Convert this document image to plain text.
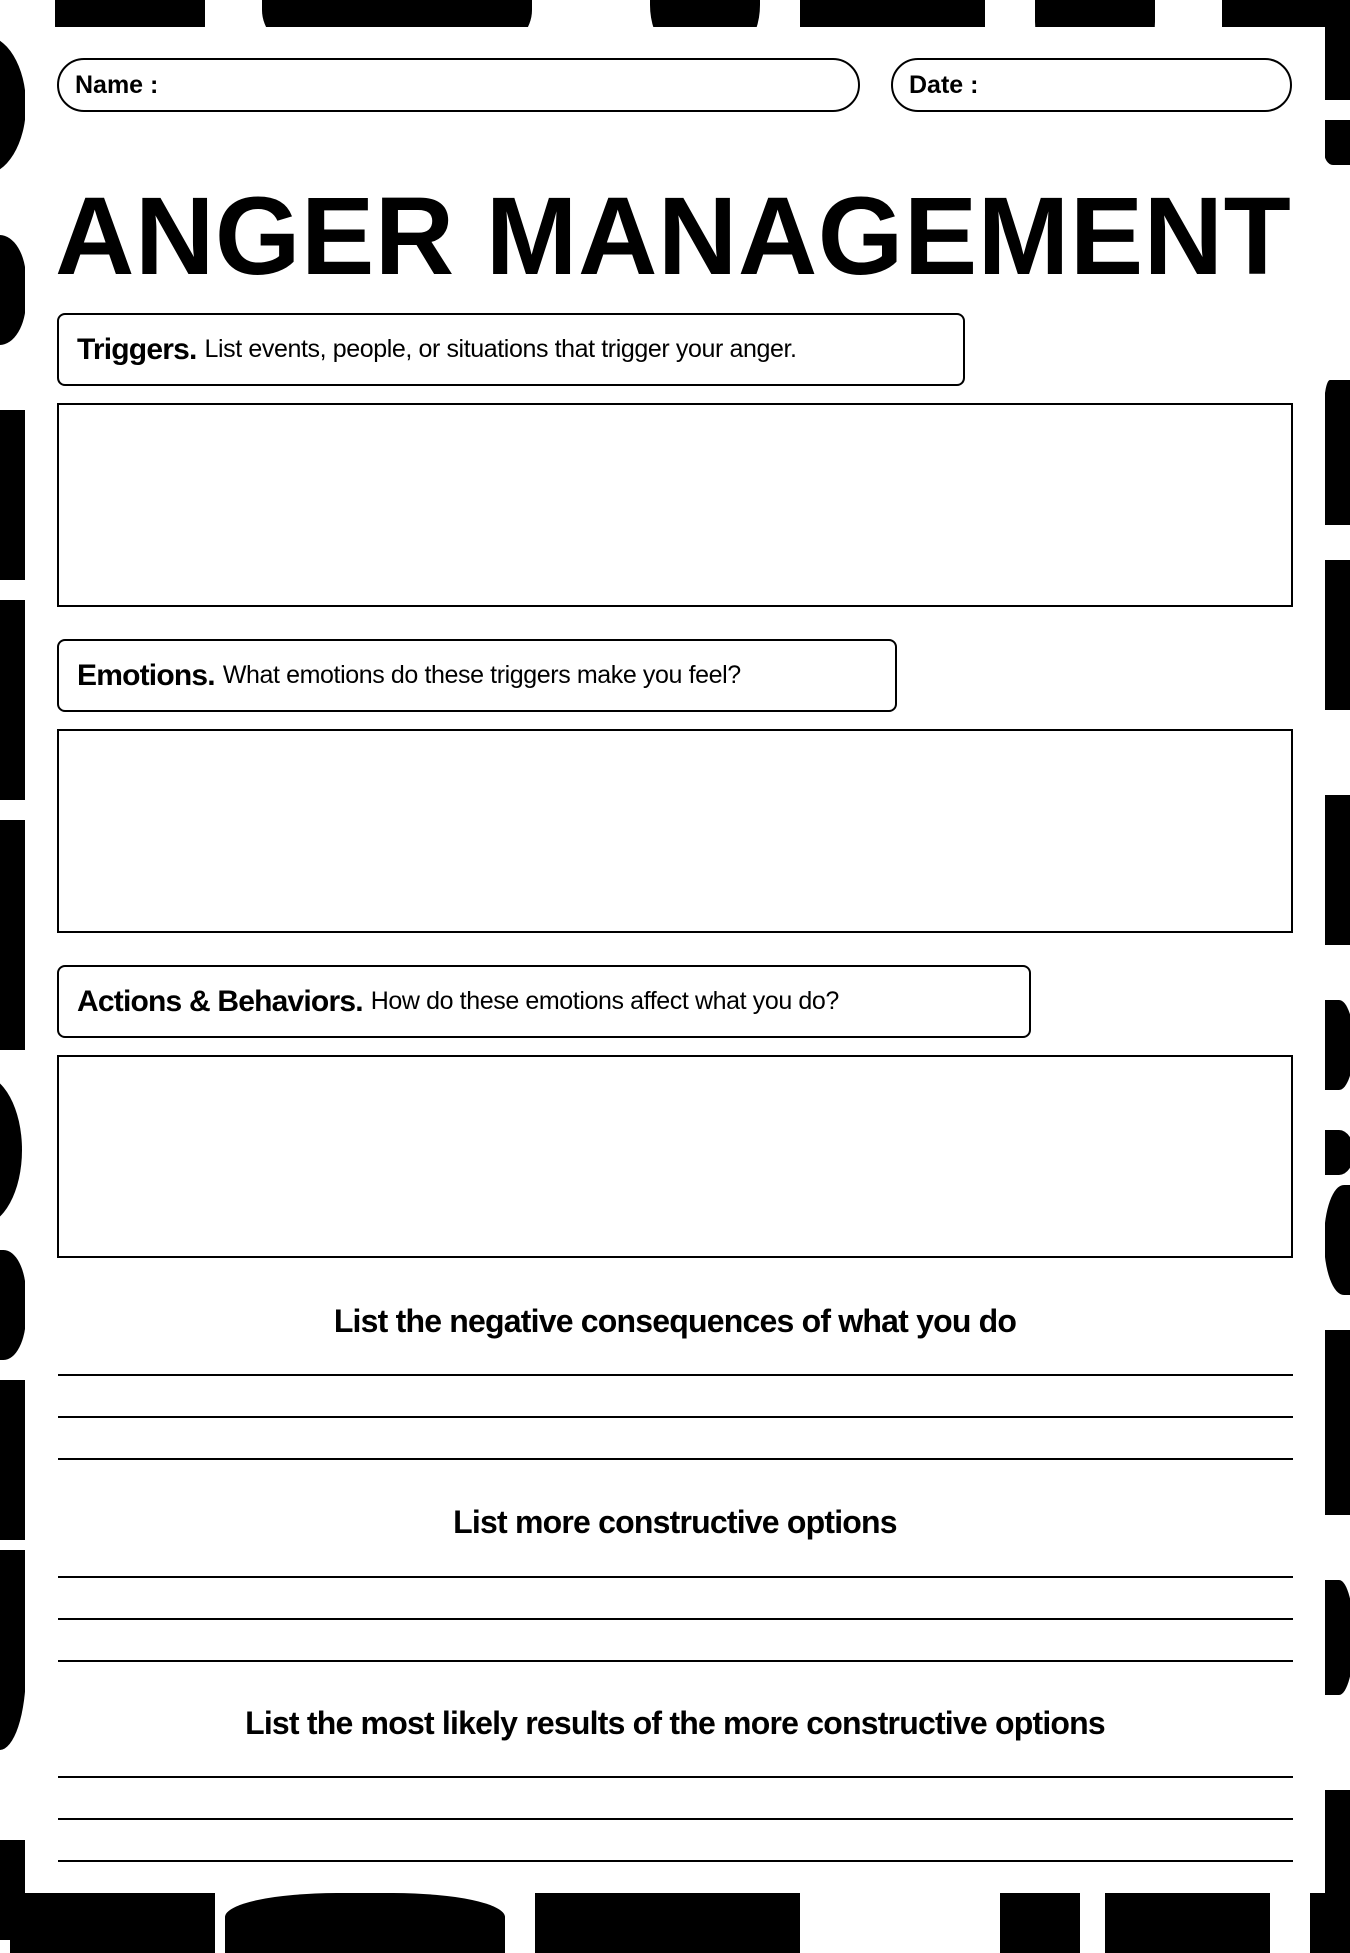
Name :	Date :
ANGER MANAGEMENT
Triggers. List events, people, or situations that trigger your anger.
Emotions. What emotions do these triggers make you feel?
Actions & Behaviors. How do these emotions affect what you do?
List the negative consequences of what you do
List more constructive options
List the most likely results of the more constructive options
